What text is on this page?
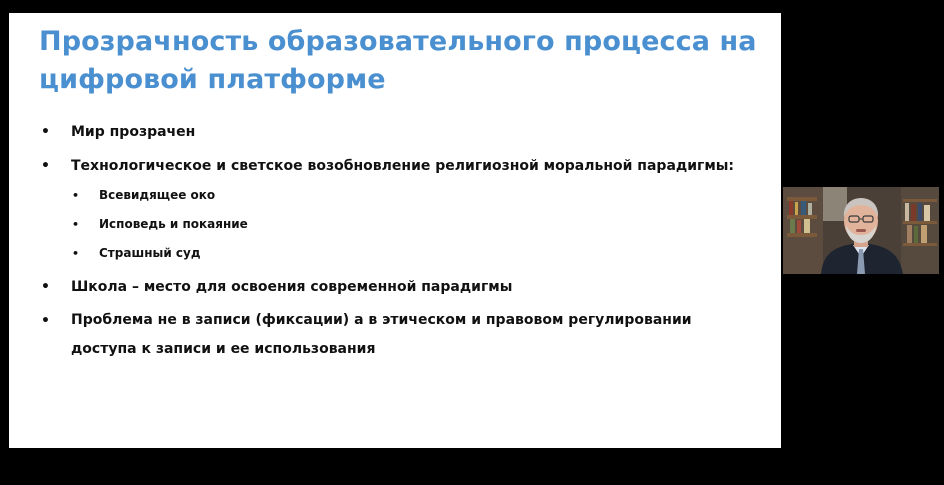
Прозрачность образовательного процесса на цифровой платформе
• Мир прозрачен
• Технологическое и светское возобновление религиозной моральной парадигмы:
• Всевидящее око
• Исповедь и покаяние
• Страшный суд
• Школа – место для освоения современной парадигмы
• Проблема не в записи (фиксации) а в этическом и правовом регулировании доступа к записи и ее использования
